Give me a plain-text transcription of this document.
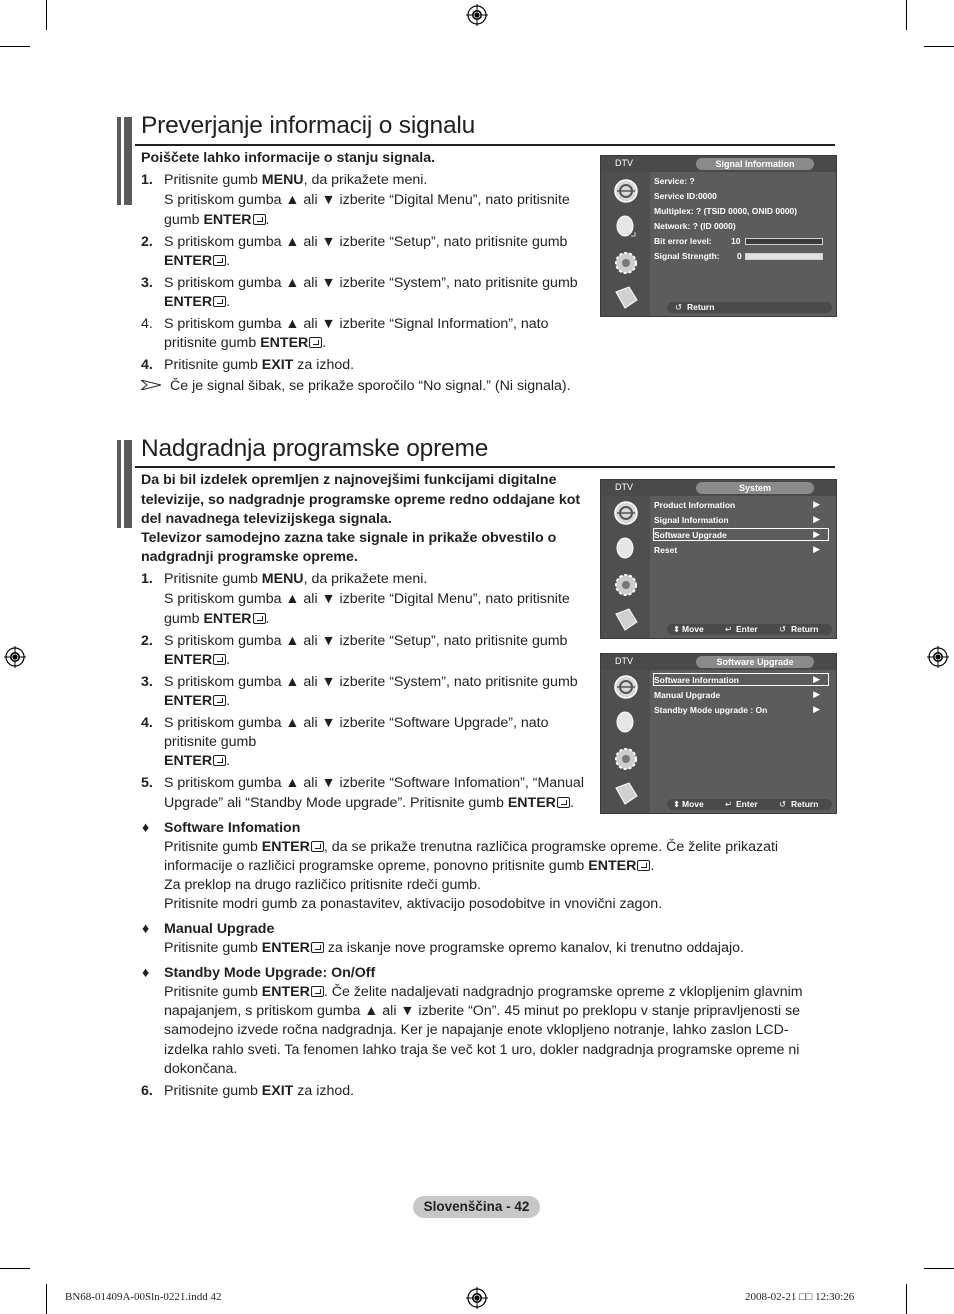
Preverjanje informacij o signalu
Poiščete lahko informacije o stanju signala.
1. Pritisnite gumb MENU, da prikažete meni.
S pritiskom gumba ▲ ali ▼ izberite “Digital Menu”, nato pritisnite
gumb ENTER .
2. S pritiskom gumba ▲ ali ▼ izberite “Setup”, nato pritisnite gumb
ENTER .
3. S pritiskom gumba ▲ ali ▼ izberite “System”, nato pritisnite gumb
ENTER .
4. S pritiskom gumba ▲ ali ▼ izberite “Signal Information”, nato
pritisnite gumb ENTER .
4. Pritisnite gumb EXIT za izhod.
Če je signal šibak, se prikaže sporočilo “No signal.” (Ni signala).
DTV	Signal Information
Service: ?
Service ID:0000
Multiplex: ? (TSID 0000, ONID 0000)
Network: ? (ID 0000)
Bit error level: 10
Signal Strength: 0
↺ Return
Nadgradnja programske opreme
Da bi bil izdelek opremljen z najnovejšimi funkcijami digitalne
televizije, so nadgradnje programske opreme redno oddajane kot
del navadnega televizijskega signala.
Televizor samodejno zazna take signale in prikaže obvestilo o
nadgradnji programske opreme.
1. Pritisnite gumb MENU, da prikažete meni.
S pritiskom gumba ▲ ali ▼ izberite “Digital Menu”, nato pritisnite
gumb ENTER .
2. S pritiskom gumba ▲ ali ▼ izberite “Setup”, nato pritisnite gumb
ENTER .
3. S pritiskom gumba ▲ ali ▼ izberite “System”, nato pritisnite gumb
ENTER .
4. S pritiskom gumba ▲ ali ▼ izberite “Software Upgrade”, nato
pritisnite gumb
ENTER .
5. S pritiskom gumba ▲ ali ▼ izberite “Software Infomation”, “Manual
Upgrade” ali “Standby Mode upgrade”. Pritisnite gumb ENTER .
♦ Software Infomation
Pritisnite gumb ENTER , da se prikaže trenutna različica programske opreme. Če želite prikazati
informacije o različici programske opreme, ponovno pritisnite gumb ENTER .
Za preklop na drugo različico pritisnite rdeči gumb.
Pritisnite modri gumb za ponastavitev, aktivacijo posodobitve in vnovični zagon.
♦ Manual Upgrade
Pritisnite gumb ENTER za iskanje nove programske opremo kanalov, ki trenutno oddajajo.
♦ Standby Mode Upgrade: On/Off
Pritisnite gumb ENTER . Če želite nadaljevati nadgradnjo programske opreme z vklopljenim glavnim
napajanjem, s pritiskom gumba ▲ ali ▼ izberite “On”. 45 minut po preklopu v stanje pripravljenosti se
samodejno izvede ročna nadgradnja. Ker je napajanje enote vklopljeno notranje, lahko zaslon LCD-
izdelka rahlo sveti. Ta fenomen lahko traja še več kot 1 uro, dokler nadgradnja programske opreme ni
dokončana.
6. Pritisnite gumb EXIT za izhod.
DTV	System
Product Information	▶
Signal Information	▶
Software Upgrade	▶
Reset	▶
⬍ Move	↵ Enter	↺ Return
DTV	Software Upgrade
Software Information	▶
Manual Upgrade	▶
Standby Mode upgrade : On	▶
⬍ Move	↵ Enter	↺ Return
Slovenščina - 42
BN68-01409A-00Sln-0221.indd 42	2008-02-21 □□ 12:30:26
